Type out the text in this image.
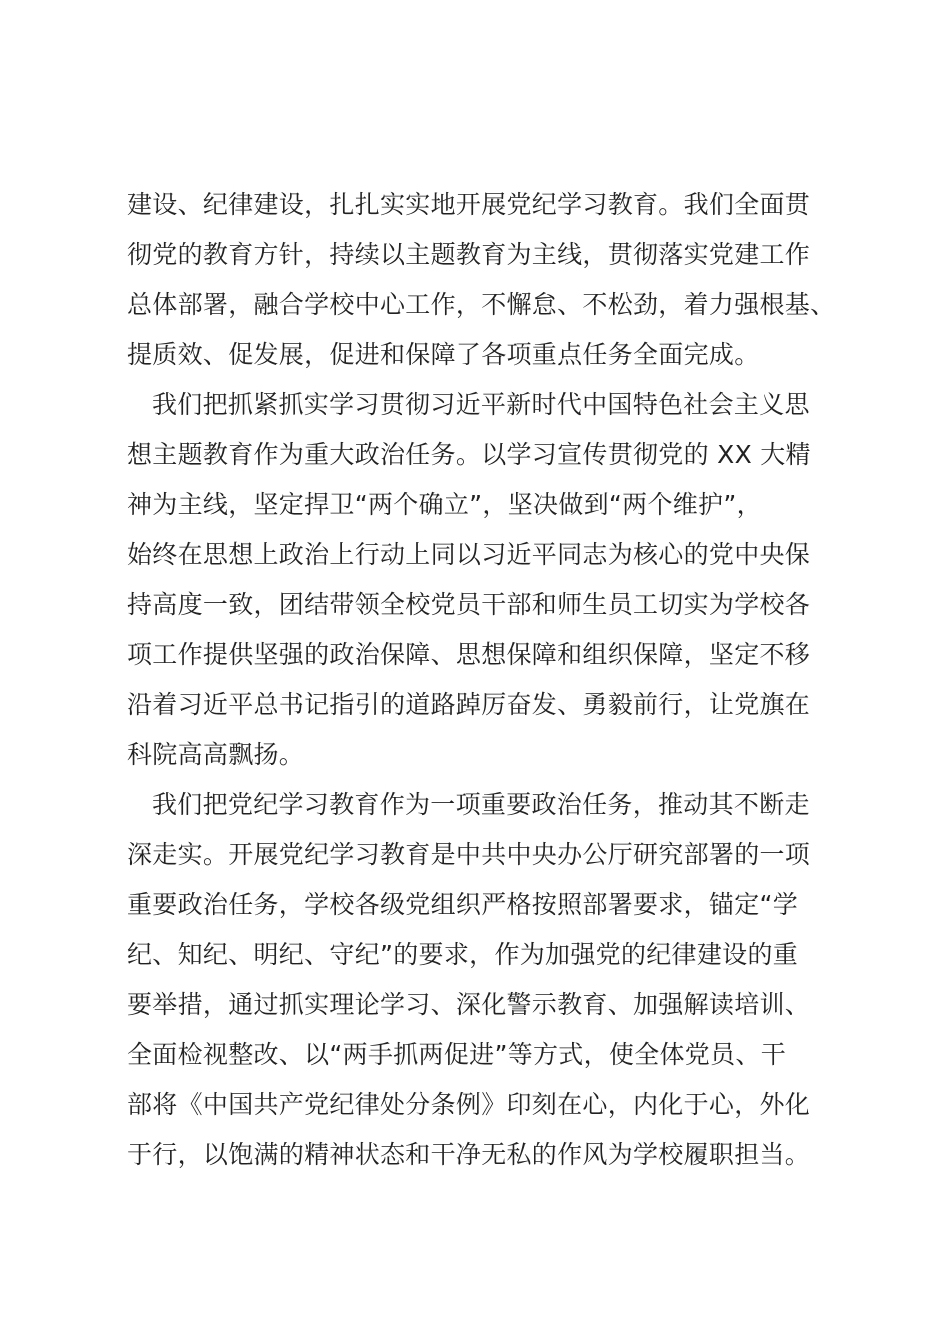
建设、纪律建设，扎扎实实地开展党纪学习教育。我们全面贯
彻党的教育方针，持续以主题教育为主线，贯彻落实党建工作
总体部署，融合学校中心工作，不懈怠、不松劲，着力强根基、
提质效、促发展，促进和保障了各项重点任务全面完成。
我们把抓紧抓实学习贯彻习近平新时代中国特色社会主义思
想主题教育作为重大政治任务。以学习宣传贯彻党的 XX 大精
神为主线，坚定捍卫“两个确立”，坚决做到“两个维护”，
始终在思想上政治上行动上同以习近平同志为核心的党中央保
持高度一致，团结带领全校党员干部和师生员工切实为学校各
项工作提供坚强的政治保障、思想保障和组织保障，坚定不移
沿着习近平总书记指引的道路踔厉奋发、勇毅前行，让党旗在
科院高高飘扬。
我们把党纪学习教育作为一项重要政治任务，推动其不断走
深走实。开展党纪学习教育是中共中央办公厅研究部署的一项
重要政治任务，学校各级党组织严格按照部署要求，锚定“学
纪、知纪、明纪、守纪”的要求，作为加强党的纪律建设的重
要举措，通过抓实理论学习、深化警示教育、加强解读培训、
全面检视整改、以“两手抓两促进”等方式，使全体党员、干
部将《中国共产党纪律处分条例》印刻在心，内化于心，外化
于行，以饱满的精神状态和干净无私的作风为学校履职担当。
